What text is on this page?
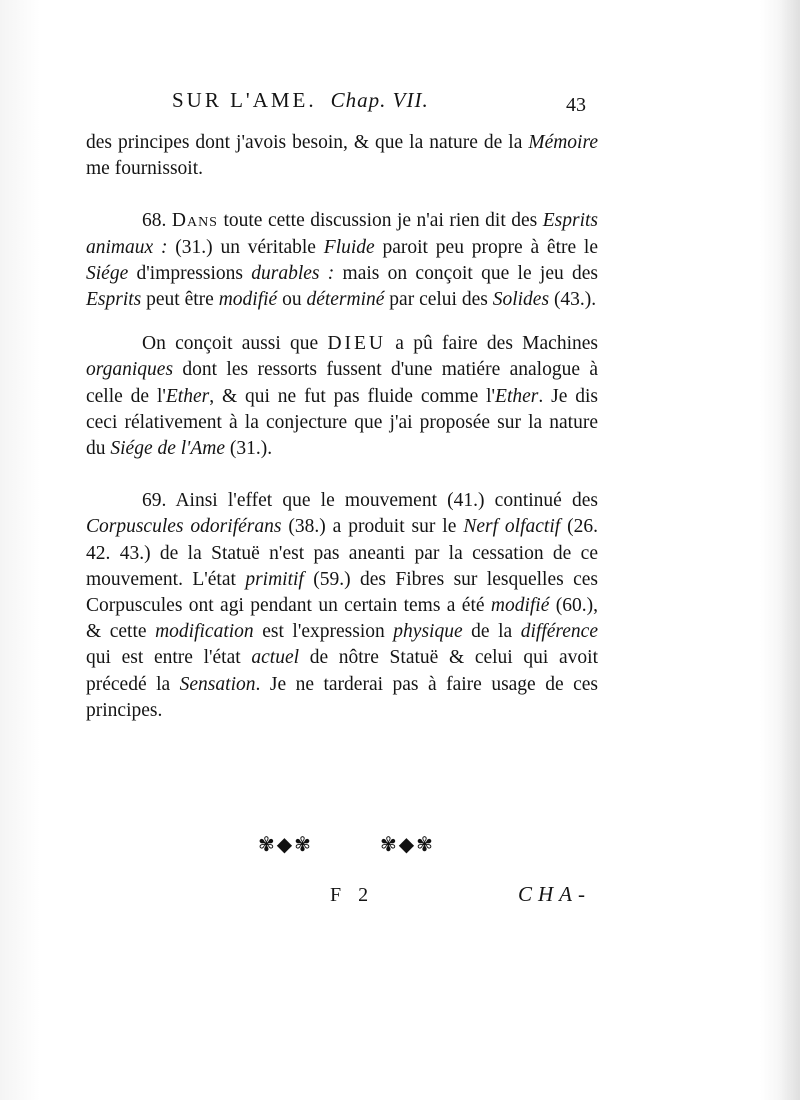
SUR L'AME. Chap. VII.	43

des principes dont j'avois besoin, & que la nature de la Mémoire me fournissoit.

68. Dans toute cette discussion je n'ai rien dit des Esprits animaux : (31.) un véritable Fluide paroit peu propre à être le Siége d'impressions durables : mais on conçoit que le jeu des Esprits peut être modifié ou déterminé par celui des Solides (43.).

On conçoit aussi que DIEU a pû faire des Machines organiques dont les ressorts fussent d'une matiére analogue à celle de l'Ether, & qui ne fut pas fluide comme l'Ether. Je dis ceci rélativement à la conjecture que j'ai proposée sur la nature du Siége de l'Ame (31.).

69. Ainsi l'effet que le mouvement (41.) continué des Corpuscules odoriférans (38.) a produit sur le Nerf olfactif (26. 42. 43.) de la Statuë n'est pas aneanti par la cessation de ce mouvement. L'état primitif (59.) des Fibres sur lesquelles ces Corpuscules ont agi pendant un certain tems a été modifié (60.), & cette modification est l'expression physique de la différence qui est entre l'état actuel de nôtre Statuë & celui qui avoit précedé la Sensation. Je ne tarderai pas à faire usage de ces principes.

✾◆✾	✾◆✾
F 2	CHA-
